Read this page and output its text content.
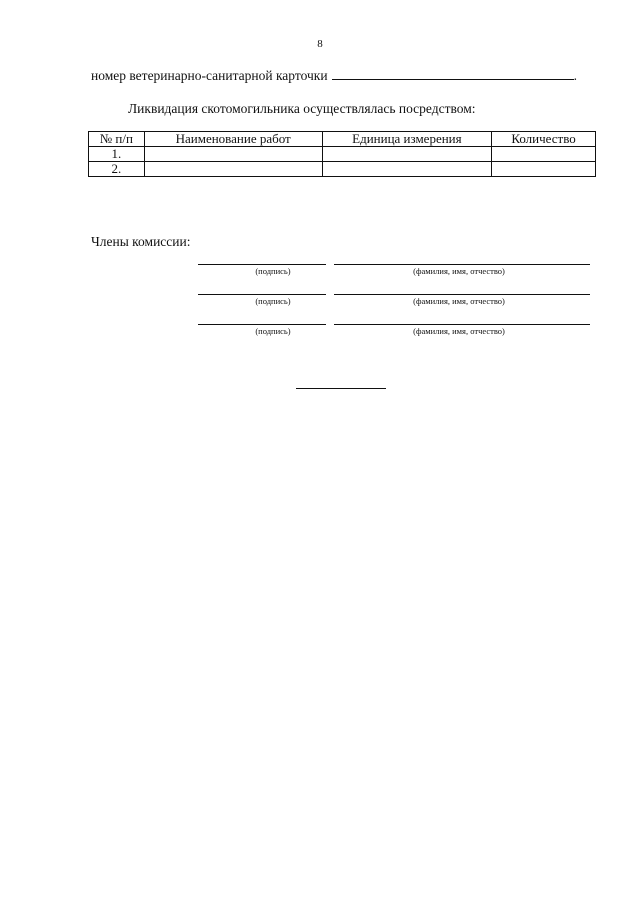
8
номер ветеринарно-санитарной карточки	.
Ликвидация скотомогильника осуществлялась посредством:
№ п/п	Наименование работ	Единица измерения	Количество
1.			
2.			
Члены комиссии:
(подпись)	(фамилия, имя, отчество)
(подпись)	(фамилия, имя, отчество)
(подпись)	(фамилия, имя, отчество)
